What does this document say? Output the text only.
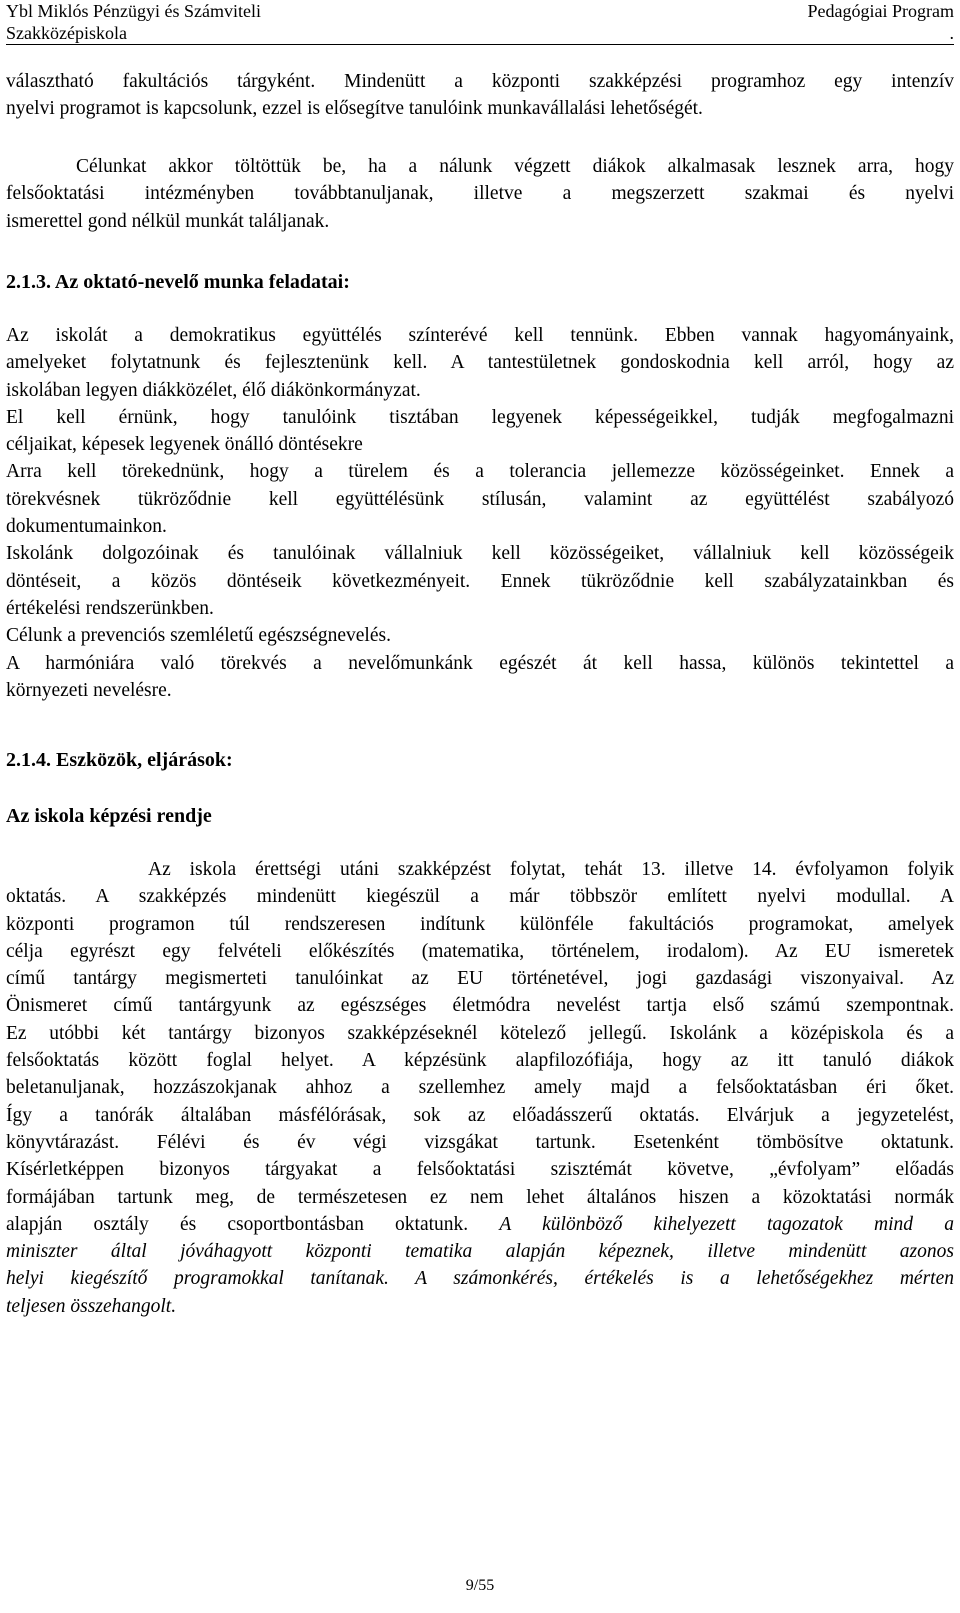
Ybl Miklós Pénzügyi és Számviteli
Szakközépiskola
Pedagógiai Program
.

választható fakultációs tárgyként. Mindenütt a központi szakképzési programhoz egy intenzív
nyelvi programot is kapcsolunk, ezzel is elősegítve tanulóink munkavállalási lehetőségét.

Célunkat akkor töltöttük be, ha a nálunk végzett diákok alkalmasak lesznek arra, hogy
felsőoktatási intézményben továbbtanuljanak, illetve a megszerzett szakmai és nyelvi
ismerettel gond nélkül munkát találjanak.

2.1.3. Az oktató-nevelő munka feladatai:

Az iskolát a demokratikus együttélés színterévé kell tennünk. Ebben vannak hagyományaink,
amelyeket folytatnunk és fejlesztenünk kell. A tantestületnek gondoskodnia kell arról, hogy az
iskolában legyen diákközélet, élő diákönkormányzat.
El kell érnünk, hogy tanulóink tisztában legyenek képességeikkel, tudják megfogalmazni
céljaikat, képesek legyenek önálló döntésekre
Arra kell törekednünk, hogy a türelem és a tolerancia jellemezze közösségeinket. Ennek a
törekvésnek tükröződnie kell együttélésünk stílusán, valamint az együttélést szabályozó
dokumentumainkon.
Iskolánk dolgozóinak és tanulóinak vállalniuk kell közösségeiket, vállalniuk kell közösségeik
döntéseit, a közös döntéseik következményeit. Ennek tükröződnie kell szabályzatainkban és
értékelési rendszerünkben.
Célunk a prevenciós szemléletű egészségnevelés.
A harmóniára való törekvés a nevelőmunkánk egészét át kell hassa, különös tekintettel a
környezeti nevelésre.

2.1.4. Eszközök, eljárások:
Az iskola képzési rendje

Az iskola érettségi utáni szakképzést folytat, tehát 13. illetve 14. évfolyamon folyik
oktatás. A szakképzés mindenütt kiegészül a már többször említett nyelvi modullal. A
központi programon túl rendszeresen indítunk különféle fakultációs programokat, amelyek
célja egyrészt egy felvételi előkészítés (matematika, történelem, irodalom). Az EU ismeretek
című tantárgy megismerteti tanulóinkat az EU történetével, jogi gazdasági viszonyaival. Az
Önismeret című tantárgyunk az egészséges életmódra nevelést tartja első számú szempontnak.
Ez utóbbi két tantárgy bizonyos szakképzéseknél kötelező jellegű. Iskolánk a középiskola és a
felsőoktatás között foglal helyet. A képzésünk alapfilozófiája, hogy az itt tanuló diákok
beletanuljanak, hozzászokjanak ahhoz a szellemhez amely majd a felsőoktatásban éri őket.
Így a tanórák általában másfélórásak, sok az előadásszerű oktatás. Elvárjuk a jegyzetelést,
könyvtárazást. Félévi és év végi vizsgákat tartunk. Esetenként tömbösítve oktatunk.
Kísérletképpen bizonyos tárgyakat a felsőoktatási szisztémát követve, „évfolyam” előadás
formájában tartunk meg, de természetesen ez nem lehet általános hiszen a közoktatási normák
alapján osztály és csoportbontásban oktatunk. A különböző kihelyezett tagozatok mind a
miniszter által jóváhagyott központi tematika alapján képeznek, illetve mindenütt azonos
helyi kiegészítő programokkal tanítanak. A számonkérés, értékelés is a lehetőségekhez mérten
teljesen összehangolt.

9/55
